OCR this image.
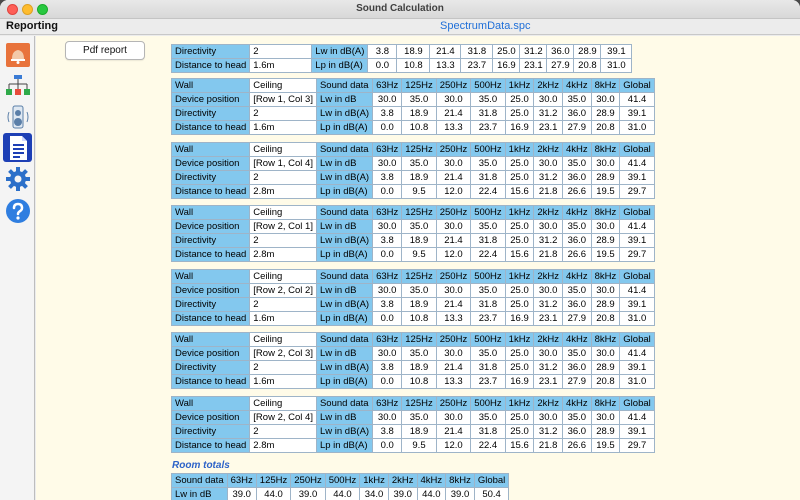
Sound Calculation
Reporting	SpectrumData.spc
Pdf report	Directivity	2	Lw in dB(A)	3.8	18.9	21.4	31.8	25.0	31.2	36.0	28.9	39.1
Distance to head	1.6m	Lp in dB(A)	0.0	10.8	13.3	23.7	16.9	23.1	27.9	20.8	31.0
Wall	Ceiling	Sound data	63Hz	125Hz	250Hz	500Hz	1kHz	2kHz	4kHz	8kHz	Global
Device position	[Row 1, Col 3]	Lw in dB	30.0	35.0	30.0	35.0	25.0	30.0	35.0	30.0	41.4
Directivity	2	Lw in dB(A)	3.8	18.9	21.4	31.8	25.0	31.2	36.0	28.9	39.1
Distance to head	1.6m	Lp in dB(A)	0.0	10.8	13.3	23.7	16.9	23.1	27.9	20.8	31.0
Wall	Ceiling	Sound data	63Hz	125Hz	250Hz	500Hz	1kHz	2kHz	4kHz	8kHz	Global
Device position	[Row 1, Col 4]	Lw in dB	30.0	35.0	30.0	35.0	25.0	30.0	35.0	30.0	41.4
Directivity	2	Lw in dB(A)	3.8	18.9	21.4	31.8	25.0	31.2	36.0	28.9	39.1
Distance to head	2.8m	Lp in dB(A)	0.0	9.5	12.0	22.4	15.6	21.8	26.6	19.5	29.7
Wall	Ceiling	Sound data	63Hz	125Hz	250Hz	500Hz	1kHz	2kHz	4kHz	8kHz	Global
Device position	[Row 2, Col 1]	Lw in dB	30.0	35.0	30.0	35.0	25.0	30.0	35.0	30.0	41.4
Directivity	2	Lw in dB(A)	3.8	18.9	21.4	31.8	25.0	31.2	36.0	28.9	39.1
Distance to head	2.8m	Lp in dB(A)	0.0	9.5	12.0	22.4	15.6	21.8	26.6	19.5	29.7
Wall	Ceiling	Sound data	63Hz	125Hz	250Hz	500Hz	1kHz	2kHz	4kHz	8kHz	Global
Device position	[Row 2, Col 2]	Lw in dB	30.0	35.0	30.0	35.0	25.0	30.0	35.0	30.0	41.4
Directivity	2	Lw in dB(A)	3.8	18.9	21.4	31.8	25.0	31.2	36.0	28.9	39.1
Distance to head	1.6m	Lp in dB(A)	0.0	10.8	13.3	23.7	16.9	23.1	27.9	20.8	31.0
Wall	Ceiling	Sound data	63Hz	125Hz	250Hz	500Hz	1kHz	2kHz	4kHz	8kHz	Global
Device position	[Row 2, Col 3]	Lw in dB	30.0	35.0	30.0	35.0	25.0	30.0	35.0	30.0	41.4
Directivity	2	Lw in dB(A)	3.8	18.9	21.4	31.8	25.0	31.2	36.0	28.9	39.1
Distance to head	1.6m	Lp in dB(A)	0.0	10.8	13.3	23.7	16.9	23.1	27.9	20.8	31.0
Wall	Ceiling	Sound data	63Hz	125Hz	250Hz	500Hz	1kHz	2kHz	4kHz	8kHz	Global
Device position	[Row 2, Col 4]	Lw in dB	30.0	35.0	30.0	35.0	25.0	30.0	35.0	30.0	41.4
Directivity	2	Lw in dB(A)	3.8	18.9	21.4	31.8	25.0	31.2	36.0	28.9	39.1
Distance to head	2.8m	Lp in dB(A)	0.0	9.5	12.0	22.4	15.6	21.8	26.6	19.5	29.7
Room totals
Sound data	63Hz	125Hz	250Hz	500Hz	1kHz	2kHz	4kHz	8kHz	Global
Lw in dB	39.0	44.0	39.0	44.0	34.0	39.0	44.0	39.0	50.4
